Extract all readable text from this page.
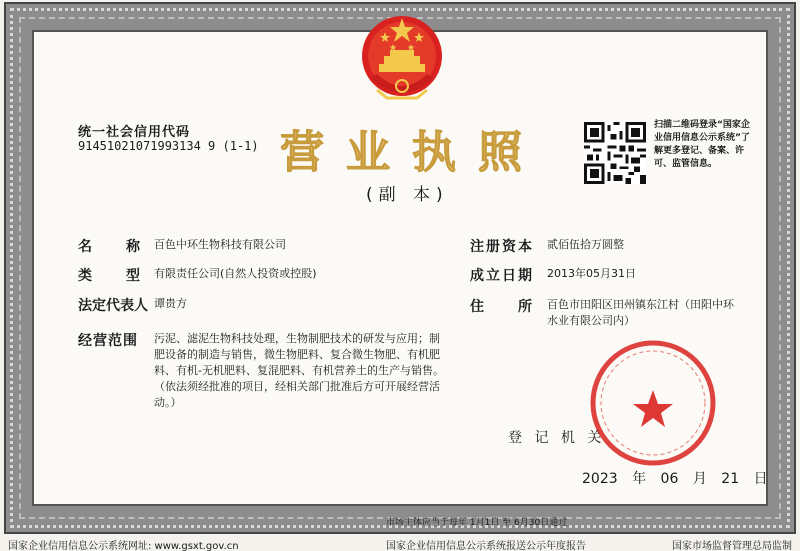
统一社会信用代码
91451021071993134 9 (1-1) 营业执照
(副 本)
扫描二维码登录“国家企业信用信息公示系统”了解更多登记、备案、许可、监管信息。
名　　称 百色中环生物科技有限公司
类　　型 有限责任公司(自然人投资或控股)
法定代表人 谭贵方
经营范围 污泥、滤泥生物科技处理，生物制肥技术的研发与应用；制肥设备的制造与销售，微生物肥料、复合微生物肥、有机肥料、有机-无机肥料、复混肥料、有机营养土的生产与销售。（依法须经批准的项目，经相关部门批准后方可开展经营活动。）
注册资本 贰佰伍拾万圆整
成立日期 2013年05月31日
住　　所 百色市田阳区田州镇东江村（田阳中环水业有限公司内）
登 记 机 关
2023 年 06 月 21 日
市场主体应当于每年 1月1日 至 6月30日通过
国家企业信用信息公示系统网址: www.gsxt.gov.cn	国家企业信用信息公示系统报送公示年度报告	国家市场监督管理总局监制
